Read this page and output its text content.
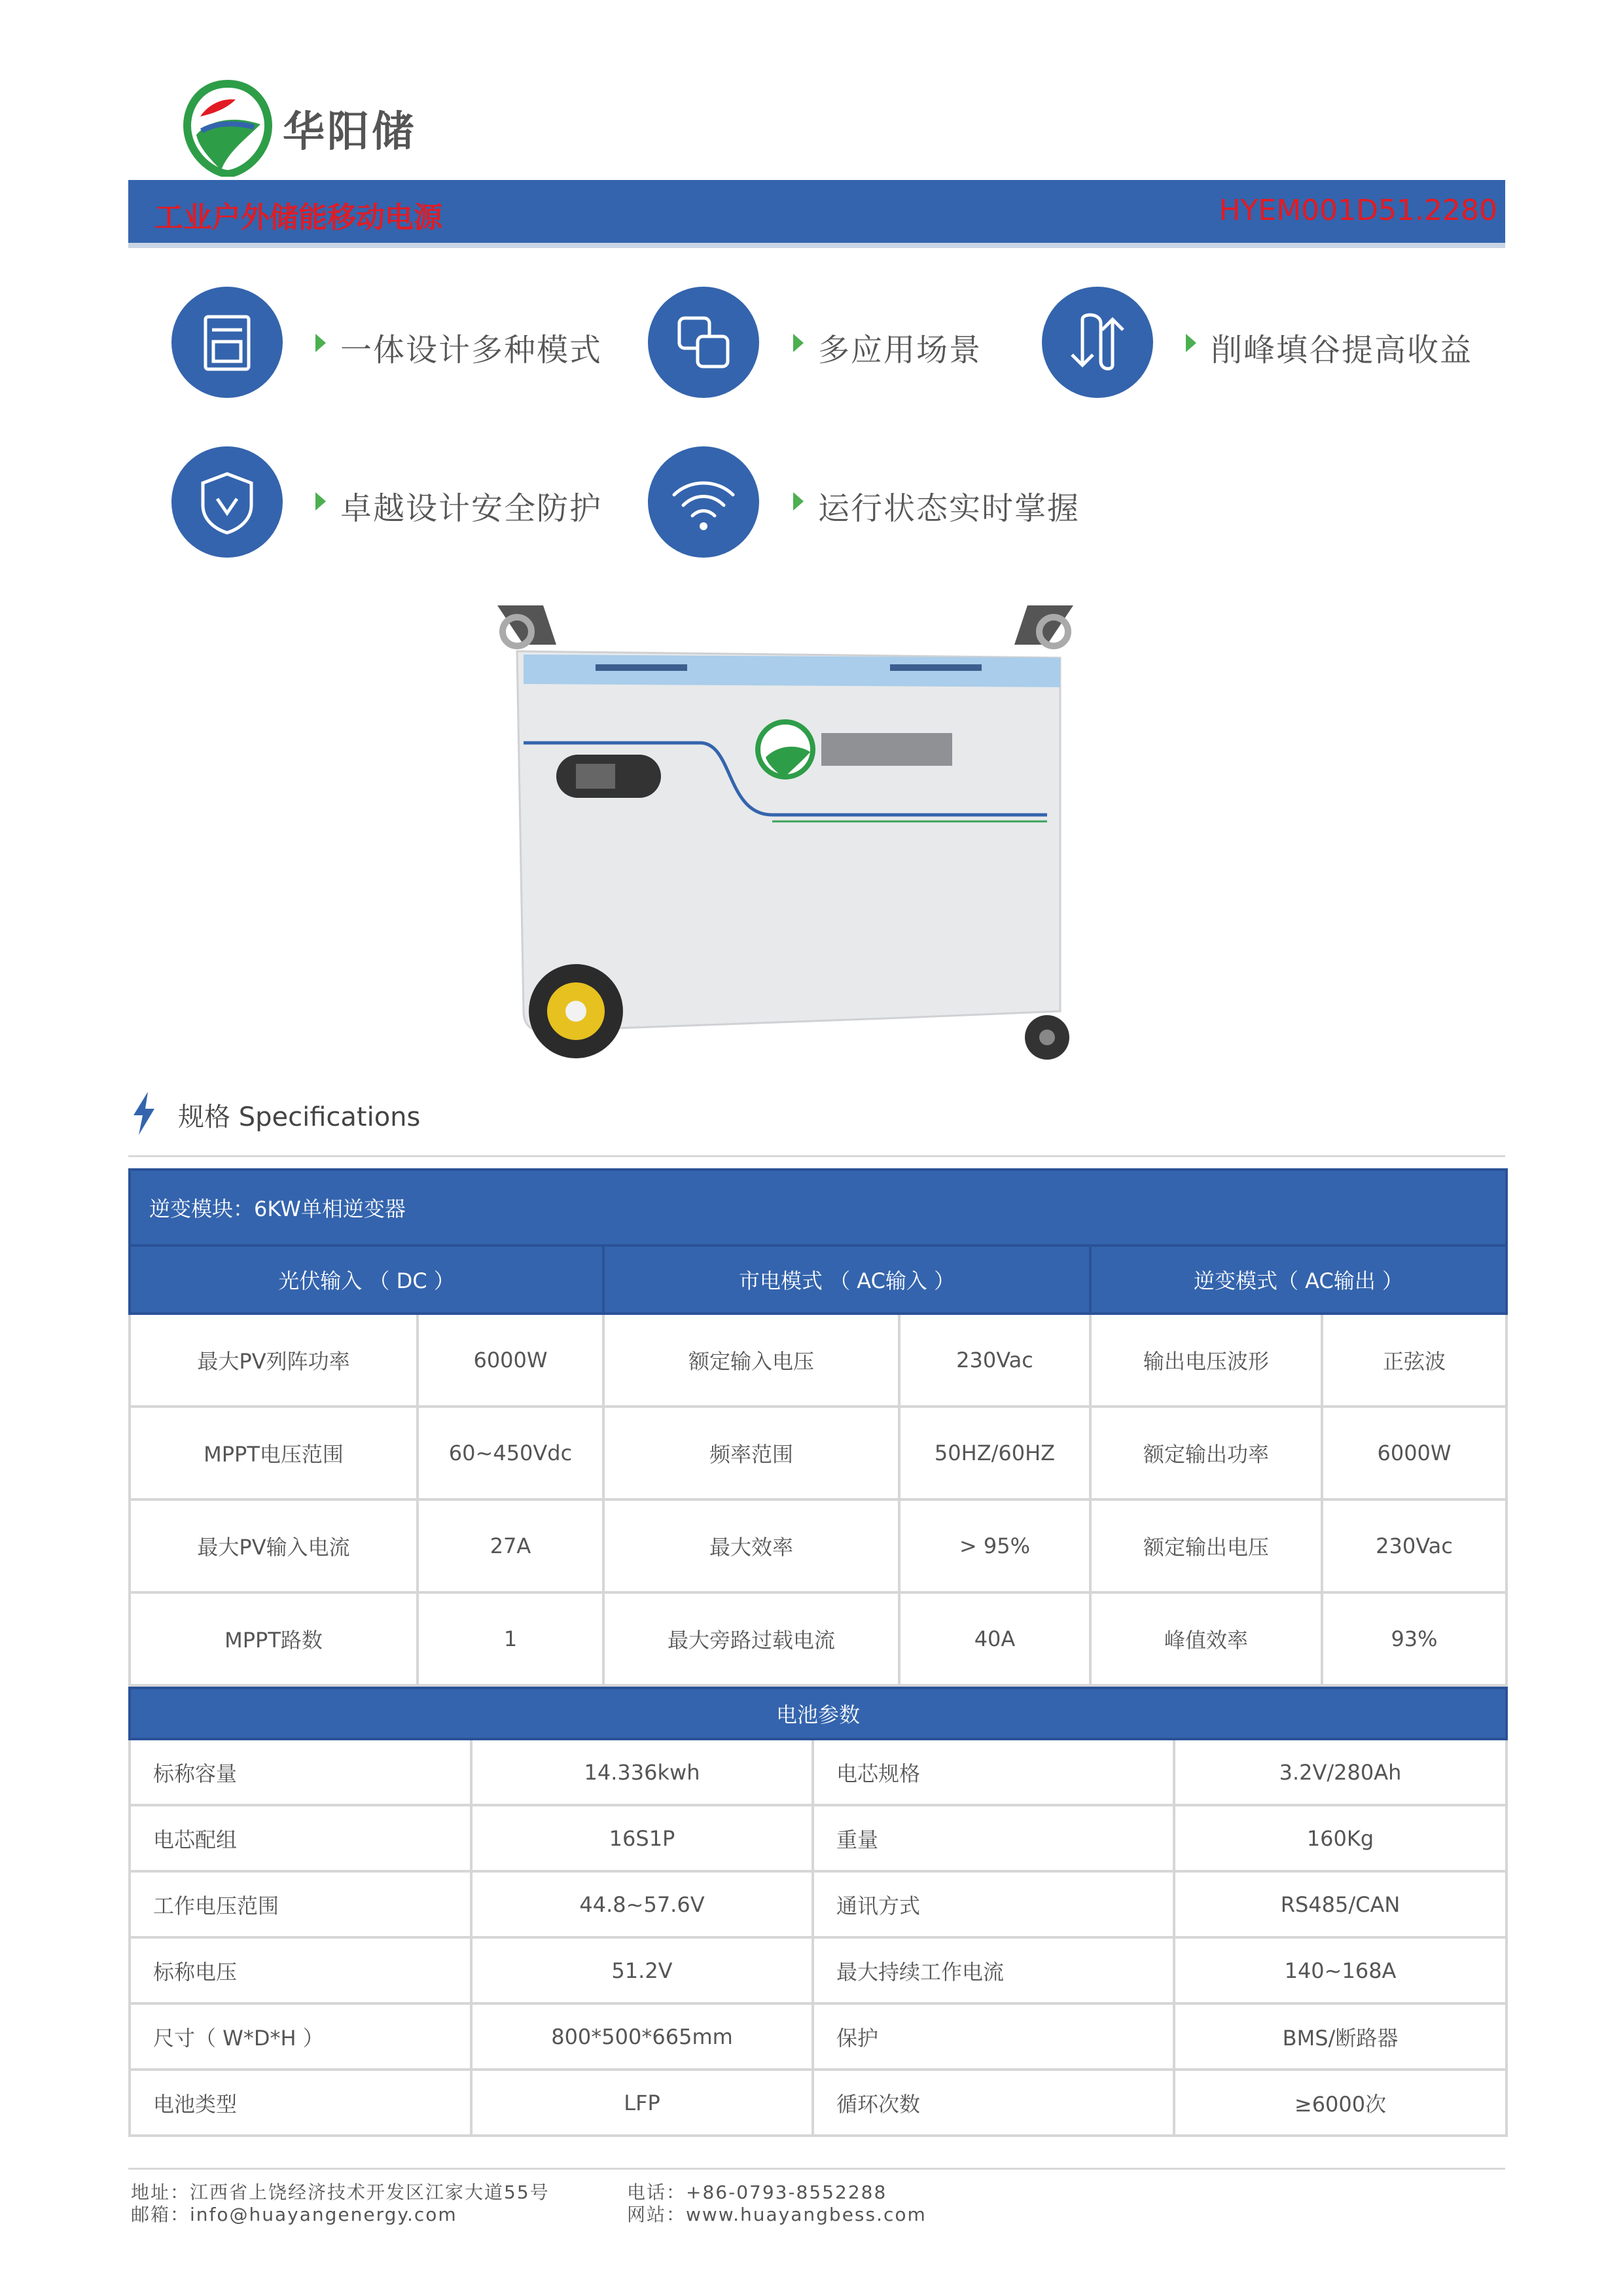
华阳储
工业户外储能移动电源	HYEM001D51.2280
一体设计多种模式	多应用场景	削峰填谷提高收益
卓越设计安全防护	运行状态实时掌握
规格 Specifications
逆变模块：6KW单相逆变器					
光伏输入 （ DC ）		市电模式 （ AC输入 ）		逆变模式（ AC输出 ）	
最大PV列阵功率	6000W	额定输入电压	230Vac	输出电压波形	正弦波
MPPT电压范围	60~450Vdc	频率范围	50HZ/60HZ	额定输出功率	6000W
最大PV输入电流	27A	最大效率	> 95%	额定输出电压	230Vac
MPPT路数	1	最大旁路过载电流	40A	峰值效率	93%
电池参数			
标称容量	14.336kwh	电芯规格	3.2V/280Ah
电芯配组	16S1P	重量	160Kg
工作电压范围	44.8~57.6V	通讯方式	RS485/CAN
标称电压	51.2V	最大持续工作电流	140~168A
尺寸（ W*D*H ）	800*500*665mm	保护	BMS/断路器
电池类型	LFP	循环次数	≥6000次
地址：江西省上饶经济技术开发区江家大道55号
邮箱：info@huayangenergy.com
电话：+86-0793-8552288
网站：www.huayangbess.com
